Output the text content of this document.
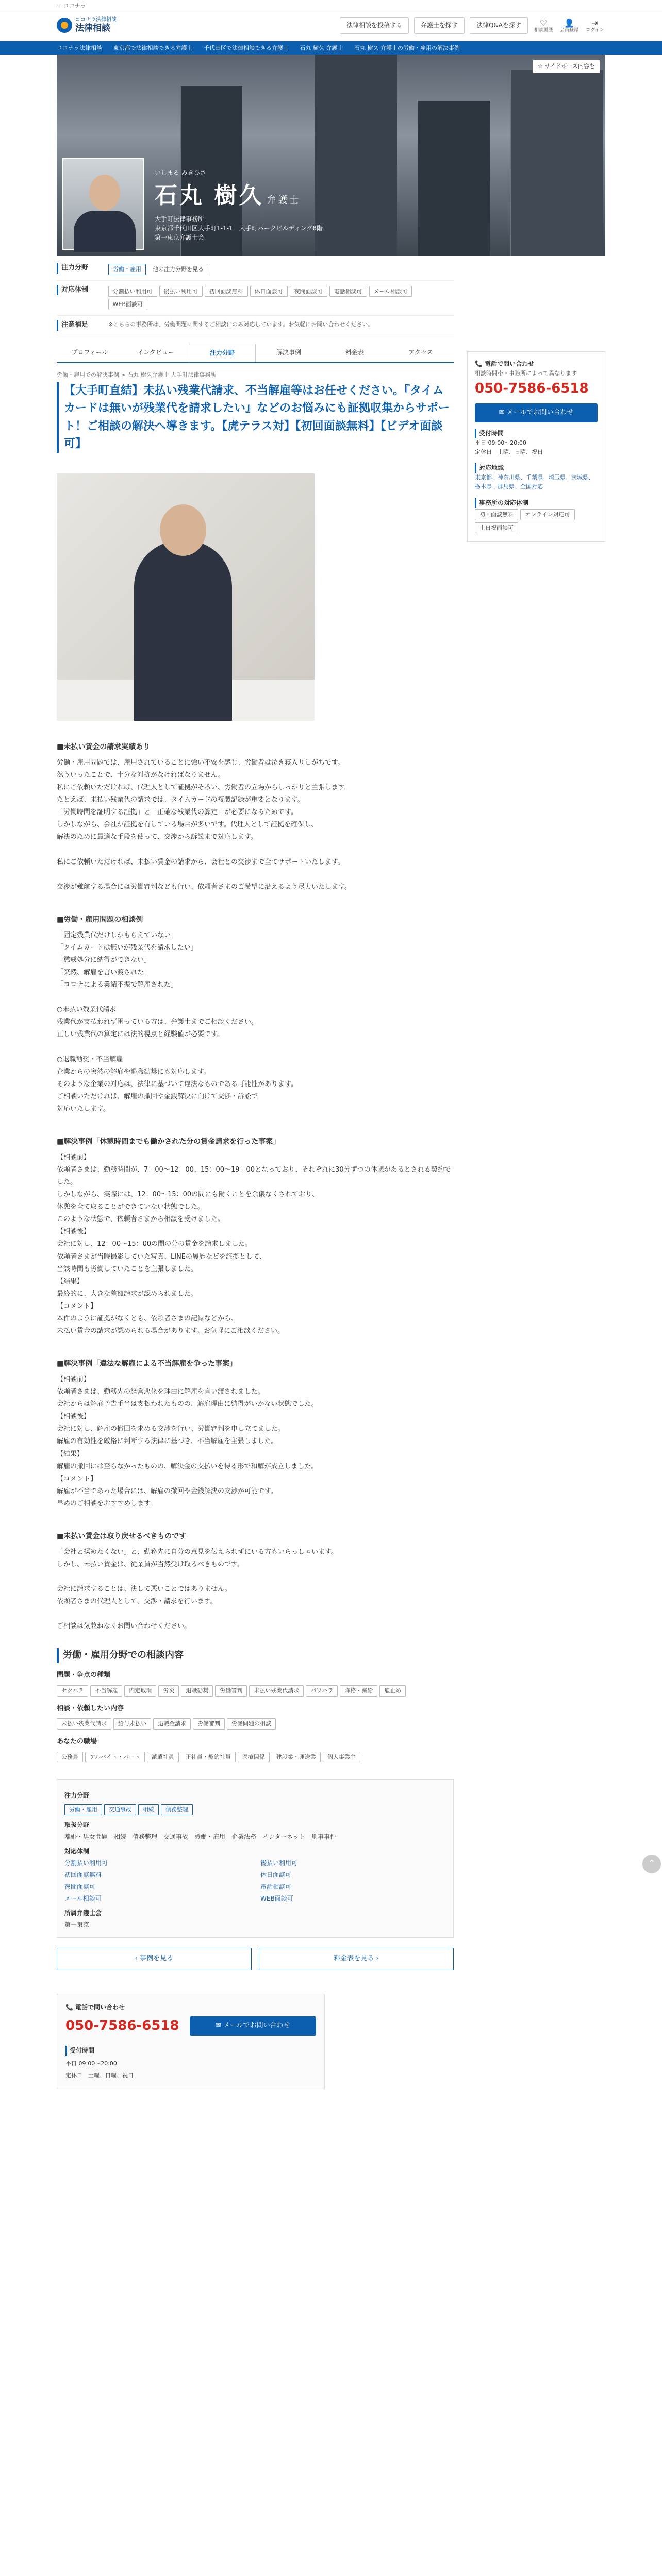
≡ ココナラ
ココナラ法律相談
法律相談	法律相談を投稿する	弁護士を探す	法律Q&Aを探す	♡
相談履歴
👤
会員登録
⇥
ログイン
ココナラ法律相談 東京都で法律相談できる弁護士 千代田区で法律相談できる弁護士 石丸 樹久 弁護士 石丸 樹久 弁護士の労働・雇用の解決事例
☆ サイドボーズ内容を
いしまる みきひさ
石丸 樹久 弁護士

大手町法律事務所

東京都千代田区大手町1-1-1　大手町パークビルディング8階

第一東京弁護士会

注力分野	労働・雇用 他の注力分野を見る
対応体制	分割払い利用可 後払い利用可 初回面談無料 休日面談可 夜間面談可 電話相談可 メール相談可WEB面談可
注意補足	※こちらの事務所は、労働問題に関するご相談にのみ対応しています。お気軽にお問い合わせください。
プロフィール	インタビュー	注力分野	解決事例	料金表	アクセス
労働・雇用での解決事例 > 石丸 樹久弁護士 大手町法律事務所
【大手町直結】未払い残業代請求、不当解雇等はお任せください。『タイムカードは無いが残業代を請求したい』などのお悩みにも証拠収集からサポート！ご相談の解決へ導きます。【虎テラス対】【初回面談無料】【ビデオ面談可】
■未払い賃金の請求実績あり
労働・雇用問題では、雇用されていることに強い不安を感じ、労働者は泣き寝入りしがちです。
然ういったことで、十分な対抗がなければなりません。
私にご依頼いただければ、代理人として証拠がそろい、労働者の立場からしっかりと主張します。
たとえば、未払い残業代の請求では、タイムカードの複製記録が重要となります。
「労働時間を証明する証拠」と「正確な残業代の算定」が必要になるためです。
しかしながら、会社が証拠を有している場合が多いです。代理人として証拠を確保し、
解決のために最適な手段を使って、交渉から訴訟まで対応します。

私にご依頼いただければ、未払い賃金の請求から、会社との交渉まで全てサポートいたします。

交渉が難航する場合には労働審判なども行い、依頼者さまのご希望に沿えるよう尽力いたします。
■労働・雇用問題の相談例
「固定残業代だけしかもらえていない」
「タイムカードは無いが残業代を請求したい」
「懲戒処分に納得ができない」
「突然、解雇を言い渡された」
「コロナによる業績不振で解雇された」

○未払い残業代請求
残業代が支払われず困っている方は、弁護士までご相談ください。
正しい残業代の算定には法的視点と経験値が必要です。

○退職勧奨・不当解雇
企業からの突然の解雇や退職勧奨にも対応します。
そのような企業の対応は、法律に基づいて違法なものである可能性があります。
ご相談いただければ、解雇の撤回や金銭解決に向けて交渉・訴訟で
対応いたします。
■解決事例「休憩時間までも働かされた分の賃金請求を行った事案」
【相談前】
依頼者さまは、勤務時間が、7：00〜12：00、15：00〜19：00となっており、それぞれに30分ずつの休憩があるとされる契約でした。
しかしながら、実際には、12：00〜15：00の間にも働くことを余儀なくされており、
休憩を全て取ることができていない状態でした。
このような状態で、依頼者さまから相談を受けました。
【相談後】
会社に対し、12：00〜15：00の間の分の賃金を請求しました。
依頼者さまが当時撮影していた写真、LINEの履歴などを証拠として、
当該時間も労働していたことを主張しました。
【結果】
最終的に、大きな差額請求が認められました。
【コメント】
本件のように証拠がなくとも、依頼者さまの記録などから、
未払い賃金の請求が認められる場合があります。お気軽にご相談ください。
■解決事例「違法な解雇による不当解雇を争った事案」
【相談前】
依頼者さまは、勤務先の経営悪化を理由に解雇を言い渡されました。
会社からは解雇予告手当は支払われたものの、解雇理由に納得がいかない状態でした。
【相談後】
会社に対し、解雇の撤回を求める交渉を行い、労働審判を申し立てました。
解雇の有効性を厳格に判断する法律に基づき、不当解雇を主張しました。
【結果】
解雇の撤回には至らなかったものの、解決金の支払いを得る形で和解が成立しました。
【コメント】
解雇が不当であった場合には、解雇の撤回や金銭解決の交渉が可能です。
早めのご相談をおすすめします。
■未払い賃金は取り戻せるべきものです
「会社と揉めたくない」と、勤務先に自分の意見を伝えられずにいる方もいらっしゃいます。
しかし、未払い賃金は、従業員が当然受け取るべきものです。

会社に請求することは、決して悪いことではありません。
依頼者さまの代理人として、交渉・請求を行います。

ご相談は気兼ねなくお問い合わせください。
労働・雇用分野での相談内容
問題・争点の種類
セクハラ 不当解雇 内定取消 労災 退職勧奨 労働審判 未払い残業代請求 パワハラ 降格・減給 雇止め
相談・依頼したい内容
未払い残業代請求 給与未払い 退職金請求 労働審判 労働問題の相談
あなたの職場
公務員 アルバイト・パート 派遣社員 正社員・契約社員 医療関係 建設業・運送業 個人事業主
注力分野
労働・雇用 交通事故 相続 債務整理
取扱分野
離婚・男女問題　相続　債務整理　交通事故　労働・雇用　企業法務　インターネット　刑事事件
対応体制
分割払い利用可	後払い利用可
初回面談無料	休日面談可
夜間面談可	電話相談可
メール相談可	WEB面談可
所属弁護士会
第一東京
‹ 事例を見る	料金表を見る ›
📞 電話で問い合わせ
相談時間帯・事務所によって異なります
050-7586-6518
✉ メールでお問い合わせ
受付時間
平日 09:00〜20:00
定休日　土曜、日曜、祝日
対応地域
東京都、神奈川県、千葉県、埼玉県、茨城県、栃木県、群馬県、全国対応
事務所の対応体制
初回面談無料 オンライン対応可土日祝面談可
📞 電話で問い合わせ
050-7586-6518	✉ メールでお問い合わせ
受付時間
平日 09:00〜20:00
定休日　土曜、日曜、祝日
⌃
